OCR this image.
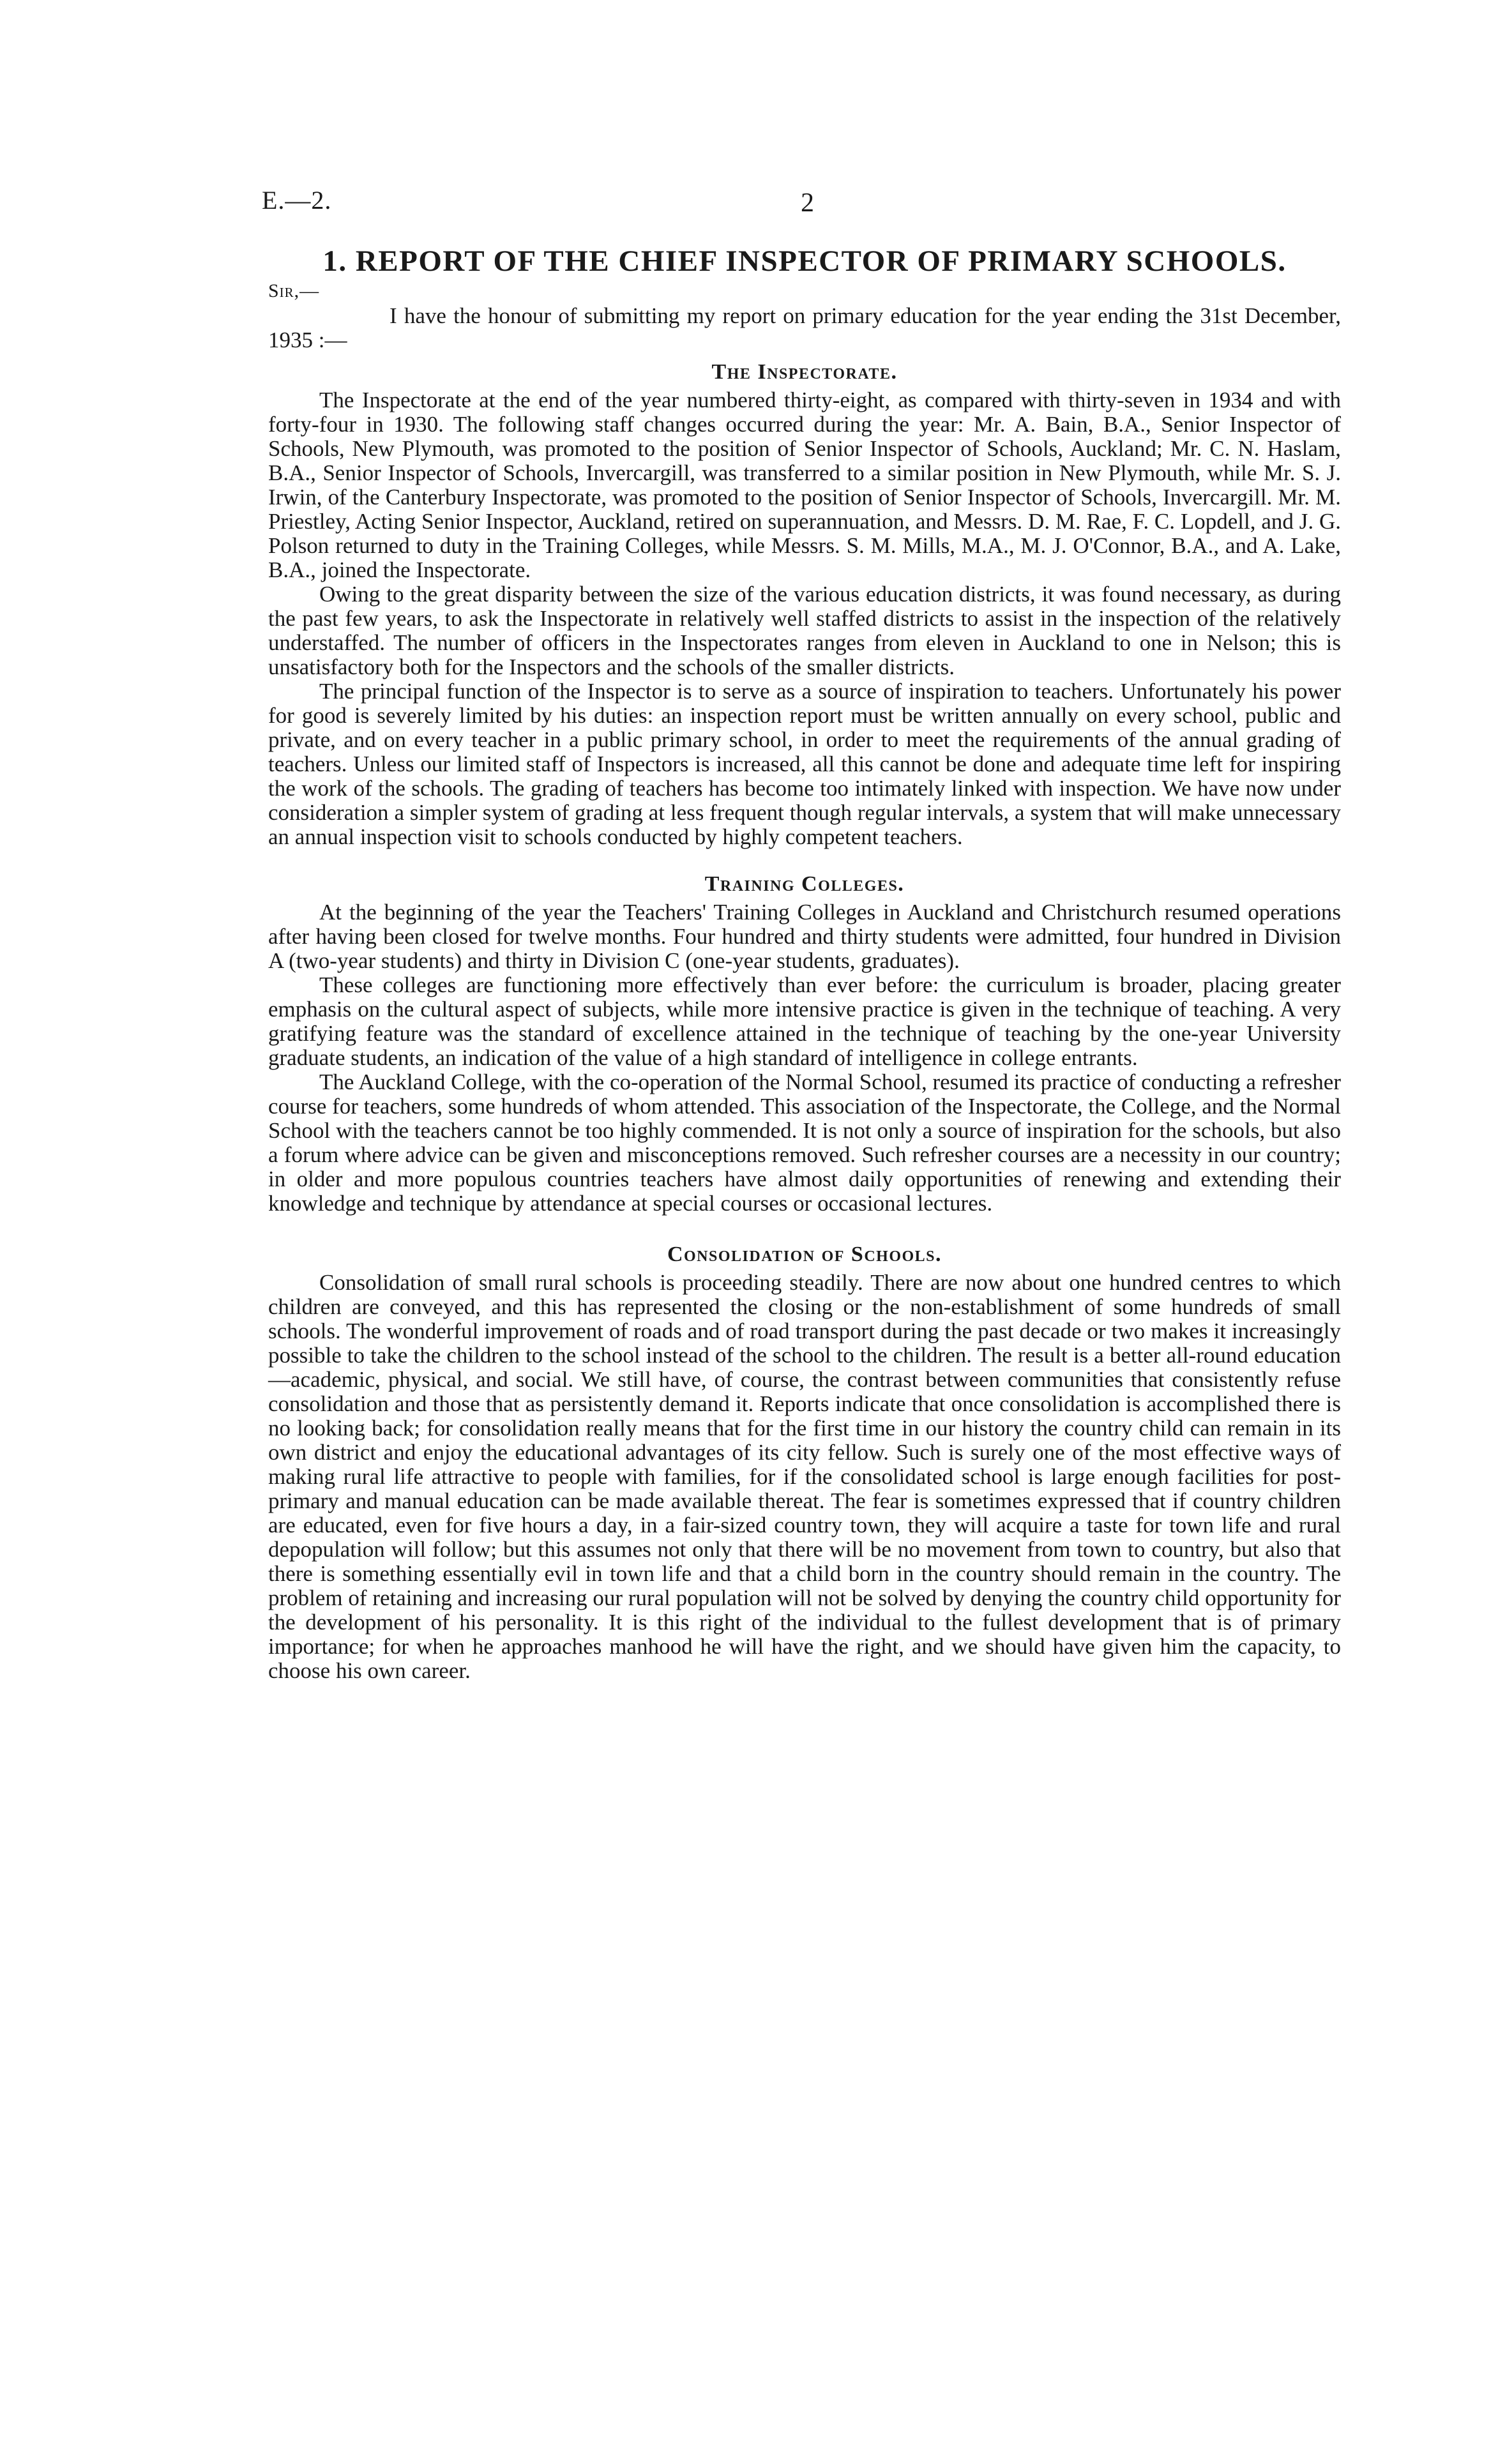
E.—2.	2
1. REPORT OF THE CHIEF INSPECTOR OF PRIMARY SCHOOLS.

Sir,—

I have the honour of submitting my report on primary education for the year ending the 31st December, 1935 :—

The Inspectorate.

The Inspectorate at the end of the year numbered thirty-eight, as compared with thirty-seven in 1934 and with forty-four in 1930. The following staff changes occurred during the year: Mr. A. Bain, B.A., Senior Inspector of Schools, New Plymouth, was promoted to the position of Senior Inspector of Schools, Auckland; Mr. C. N. Haslam, B.A., Senior Inspector of Schools, Invercargill, was transferred to a similar position in New Plymouth, while Mr. S. J. Irwin, of the Canterbury Inspectorate, was promoted to the position of Senior Inspector of Schools, Invercargill. Mr. M. Priestley, Acting Senior Inspector, Auckland, retired on superannuation, and Messrs. D. M. Rae, F. C. Lopdell, and J. G. Polson returned to duty in the Training Colleges, while Messrs. S. M. Mills, M.A., M. J. O'Connor, B.A., and A. Lake, B.A., joined the Inspectorate.

Owing to the great disparity between the size of the various education districts, it was found necessary, as during the past few years, to ask the Inspectorate in relatively well staffed districts to assist in the inspection of the relatively understaffed. The number of officers in the Inspectorates ranges from eleven in Auckland to one in Nelson; this is unsatisfactory both for the Inspectors and the schools of the smaller districts.

The principal function of the Inspector is to serve as a source of inspiration to teachers. Unfortunately his power for good is severely limited by his duties: an inspection report must be written annually on every school, public and private, and on every teacher in a public primary school, in order to meet the requirements of the annual grading of teachers. Unless our limited staff of Inspectors is increased, all this cannot be done and adequate time left for inspiring the work of the schools. The grading of teachers has become too intimately linked with inspection. We have now under consideration a simpler system of grading at less frequent though regular intervals, a system that will make unnecessary an annual inspection visit to schools conducted by highly competent teachers.

Training Colleges.

At the beginning of the year the Teachers' Training Colleges in Auckland and Christchurch resumed operations after having been closed for twelve months. Four hundred and thirty students were admitted, four hundred in Division A (two-year students) and thirty in Division C (one-year students, graduates).

These colleges are functioning more effectively than ever before: the curriculum is broader, placing greater emphasis on the cultural aspect of subjects, while more intensive practice is given in the technique of teaching. A very gratifying feature was the standard of excellence attained in the technique of teaching by the one-year University graduate students, an indication of the value of a high standard of intelligence in college entrants.

The Auckland College, with the co-operation of the Normal School, resumed its practice of conducting a refresher course for teachers, some hundreds of whom attended. This association of the Inspectorate, the College, and the Normal School with the teachers cannot be too highly commended. It is not only a source of inspiration for the schools, but also a forum where advice can be given and misconceptions removed. Such refresher courses are a necessity in our country; in older and more populous countries teachers have almost daily opportunities of renewing and extending their knowledge and technique by attendance at special courses or occasional lectures.

Consolidation of Schools.

Consolidation of small rural schools is proceeding steadily. There are now about one hundred centres to which children are conveyed, and this has represented the closing or the non-establishment of some hundreds of small schools. The wonderful improvement of roads and of road transport during the past decade or two makes it increasingly possible to take the children to the school instead of the school to the children. The result is a better all-round education—academic, physical, and social. We still have, of course, the contrast between communities that consistently refuse consolidation and those that as persistently demand it. Reports indicate that once consolidation is accomplished there is no looking back; for consolidation really means that for the first time in our history the country child can remain in its own district and enjoy the educational advantages of its city fellow. Such is surely one of the most effective ways of making rural life attractive to people with families, for if the consolidated school is large enough facilities for post-primary and manual education can be made available thereat. The fear is sometimes expressed that if country children are educated, even for five hours a day, in a fair-sized country town, they will acquire a taste for town life and rural depopulation will follow; but this assumes not only that there will be no movement from town to country, but also that there is something essentially evil in town life and that a child born in the country should remain in the country. The problem of retaining and increasing our rural population will not be solved by denying the country child opportunity for the development of his personality. It is this right of the individual to the fullest development that is of primary importance; for when he approaches manhood he will have the right, and we should have given him the capacity, to choose his own career.
